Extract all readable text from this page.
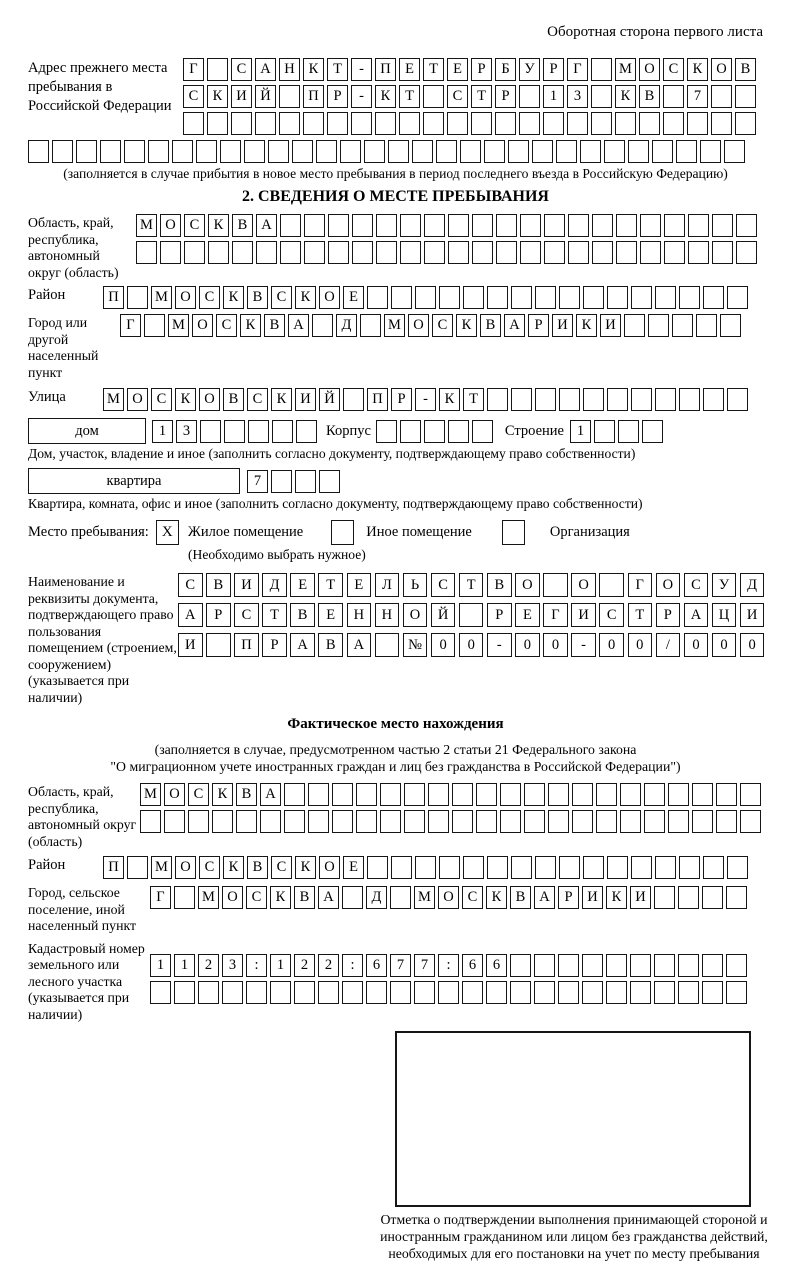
Оборотная сторона первого листа
Адрес прежнего места пребывания в Российской Федерации
Г	С А Н К	Т	-	П Е	Т	Е	Р	Б	У	Р	Г	М О С К О В
С К И Й	П	Р	-	К	Т	С	Т	Р	1	3	К В	7
(заполняется в случае прибытия в новое место пребывания в период последнего въезда в Российскую Федерацию)
2. СВЕДЕНИЯ О МЕСТЕ ПРЕБЫВАНИЯ
Область, край, республика, автономный округ (область)
М О С К В А
Район	П	М О С К В С К О Е
Город или другой населенный пункт
Г	М О С К В А	Д	М О С К В А	Р	И К И
Улица	М О С К О В С К И Й	П	Р	-	К	Т
дом	1	3	Корпус	Строение 1
Дом, участок, владение и иное (заполнить согласно документу, подтверждающему право собственности)
квартира	7
Квартира, комната, офис и иное (заполнить согласно документу, подтверждающему право собственности)
Место пребывания: X	Жилое помещение	Иное помещение	Организация
(Необходимо выбрать нужное)
Наименование и реквизиты документа, подтверждающего право пользования помещением (строением, сооружением) (указывается при наличии)
С	В	И	Д	Е	Т	Е	Л	Ь	С	Т	В	О	О	Г	О	С	У	Д
А	Р	С	Т	В	Е	Н	Н	О	Й	Р	Е	Г	И	С	Т	Р	А	Ц	И
И	П	Р	А	В	А	№	0	0	-	0	0	-	0	0	/	0	0	0
Фактическое место нахождения
(заполняется в случае, предусмотренном частью 2 статьи 21 Федерального закона
"О миграционном учете иностранных граждан и лиц без гражданства в Российской Федерации")
Область, край, республика, автономный округ (область)
М О С К В А
Район	П	М О С К В С К О Е
Город, сельское поселение, иной населенный пункт
Г	М О С К В А	Д	М О С К В А	Р	И К И
Кадастровый номер земельного или лесного участка (указывается при наличии)
1	1	2	3	:	1	2	2	:	6	7	7	:	6	6
Отметка о подтверждении выполнения принимающей стороной и иностранным гражданином или лицом без гражданства действий, необходимых для его постановки на учет по месту пребывания
